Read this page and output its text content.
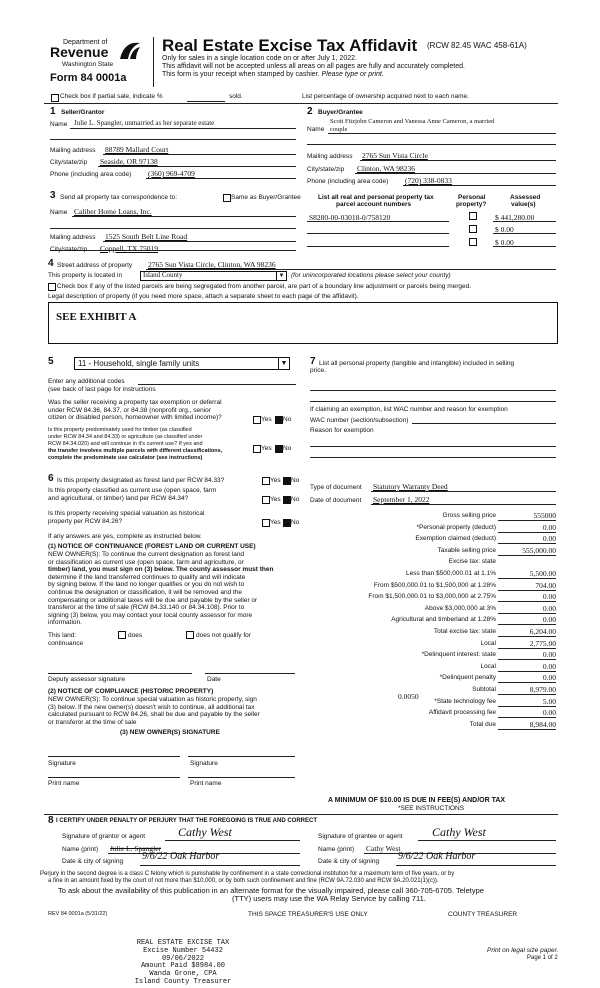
Department of
Revenue
Washington State
Form 84 0001a
Real Estate Excise Tax Affidavit (RCW 82.45 WAC 458-61A)
Only for sales in a single location code on or after July 1, 2022.
This affidavit will not be accepted unless all areas on all pages are fully and accurately completed.
This form is your receipt when stamped by cashier. Please type or print.
Check box if partial sale, indicate %	sold.	List percentage of ownership acquired next to each name.
1 Seller/Grantor
Name Julie L. Spangler, unmarried as her separate estate
Mailing address 88789 Mallard Court
City/state/zip Seaside, OR 97138
Phone (including area code) (360) 969-4709
2 Buyer/Grantee
Name
Scott Fitzjohn Cameron and Vanessa Anne Cameron, a married
couple
Mailing address 2765 Sun Vista Circle
City/state/zip Clinton, WA 98236
Phone (including area code) (720) 338-0833
3 Send all property tax correspondence to:	Same as Buyer/Grantee
Name Caliber Home Loans, Inc.
Mailing address 1525 South Belt Line Road
City/state/zip Coppell, TX 75019
List all real and personal property tax
parcel account numbers
Personal
property?
Assessed
value(s)
S8280-00-03018-0/758120	$ 441,280.00
$ 0.00
$ 0.00
4 Street address of property 2765 Sun Vista Circle, Clinton, WA 98236
This property is located in	Island County	▼ (for unincorporated locations please select your county)
Check box if any of the listed parcels are being segregated from another parcel, are part of a boundary line adjustment or parcels being merged.
Legal description of property (if you need more space, attach a separate sheet to each page of the affidavit).
SEE EXHIBIT A
5	11 - Household, single family units	▼
Enter any additional codes
(see back of last page for instructions
Was the seller receiving a property tax exemption or deferral
under RCW 84.36, 84.37, or 84.38 (nonprofit org., senior
citizen or disabled person, homeowner with limited income)?	Yes No
Is this property predominately used for timber (as classified
under RCW 84.34 and 84.33) or agriculture (as classified under
RCW 84.34.020) and will continue in it's current use? If yes and
the transfer involves multiple parcels with different classifications,
complete the predominate use calculator (see instructions)
Yes No
7 List all personal property (tangible and intangible) included in selling
price.
If claiming an exemption, list WAC number and reason for exemption
WAC number (section/subsection)
Reason for exemption
6 Is this property designated as forest land per RCW 84.33?	Yes No
Is this property classified as current use (open space, farm
and agricultural, or timber) land per RCW 84.34?	Yes No
Is this property receiving special valuation as historical
property per RCW 84.26?	Yes No
If any answers are yes, complete as instructed below.
(1) NOTICE OF CONTINUANCE (FOREST LAND OR CURRENT USE)
NEW OWNER(S): To continue the current designation as forest land
or classification as current use (open space, farm and agriculture, or
timber) land, you must sign on (3) below. The county assessor must then
determine if the land transferred continues to qualify and will indicate
by signing below. If the land no longer qualifies or you do not wish to
continue the designation or classification, it will be removed and the
compensating or additional taxes will be due and payable by the seller or
transferor at the time of sale (RCW 84.33.140 or 84.34.108). Prior to
signing (3) below, you may contact your local county assessor for more
information.
This land:
continuance
does	does not qualify for
Deputy assessor signature	Date
(2) NOTICE OF COMPLIANCE (HISTORIC PROPERTY)
NEW OWNER(S): To continue special valuation as historic property, sign
(3) below. If the new owner(s) doesn't wish to continue, all additional tax
calculated pursuant to RCW 84.26, shall be due and payable by the seller
or transferor at the time of sale
(3) NEW OWNER(S) SIGNATURE
Signature	Signature
Print name	Print name
Type of document Statutory Warranty Deed
Date of document September 1, 2022
Gross selling price	555000
*Personal property (deduct)	0.00
Exemption claimed (deduct)	0.00
Taxable selling price	555,000.00
Excise tax: state
Less than $500,000.01 at 1.1%	5,500.00
From $500,000.01 to $1,500,000 at 1.28%	704.00
From $1,500,000.01 to $3,000,000 at 2.75%	0.00
Above $3,000,000 at 3%	0.00
Agricultural and timberland at 1.28%	0.00
Total excise tax: state	6,204.00
Local	2,775.00
*Delinquent interest: state	0.00
Local	0.00
*Delinquent penalty	0.00
Subtotal	8,979.00
*State technology fee	5.00
Affidavit processing fee	0.00
Total due	8,984.00
0.0050
A MINIMUM OF $10.00 IS DUE IN FEE(S) AND/OR TAX
*SEE INSTRUCTIONS
8 I CERTIFY UNDER PENALTY OF PERJURY THAT THE FOREGOING IS TRUE AND CORRECT
Signature of grantor or agent	Cathy West
Name (print) Julie L. Spangler
Date & city of signing 9/6/22 Oak Harbor
Signature of grantee or agent Cathy West
Name (print) Cathy West
Date & city of signing 9/6/22 Oak Harbor
Perjury in the second degree is a class C felony which is punishable by confinement in a state correctional institution for a maximum term of five years, or by
a fine in an amount fixed by the court of not more than $10,000, or by both such confinement and fine (RCW 9A.72.030 and RCW 9A.20.021(1)(c)).
To ask about the availability of this publication in an alternate format for the visually impaired, please call 360-705-6705. Teletype
(TTY) users may use the WA Relay Service by calling 711.
REV 84 0001a (5/31/22)	THIS SPACE TREASURER'S USE ONLY	COUNTY TREASURER
REAL ESTATE EXCISE TAX
Excise Number 54432
09/06/2022
Amount Paid $8984.00
Wanda Grone, CPA
Island County Treasurer
Print on legal size paper.
Page 1 of 2
